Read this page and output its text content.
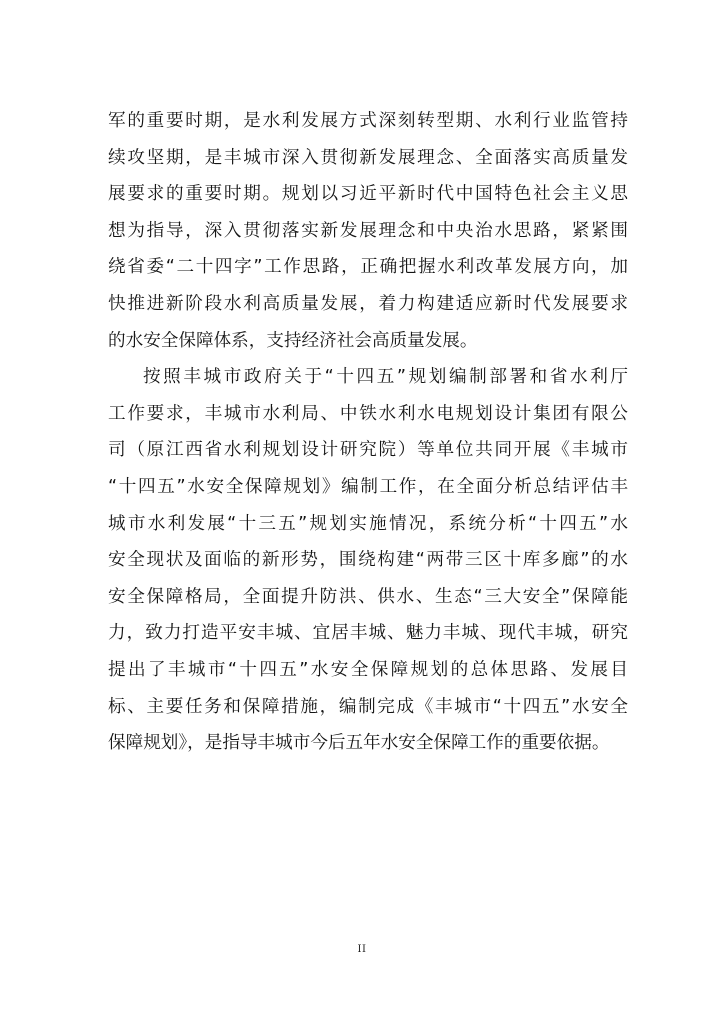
军的重要时期，是水利发展方式深刻转型期、水利行业监管持
续攻坚期，是丰城市深入贯彻新发展理念、全面落实高质量发
展要求的重要时期。规划以习近平新时代中国特色社会主义思
想为指导，深入贯彻落实新发展理念和中央治水思路，紧紧围
绕省委“二十四字”工作思路，正确把握水利改革发展方向，加
快推进新阶段水利高质量发展，着力构建适应新时代发展要求
的水安全保障体系，支持经济社会高质量发展。
按照丰城市政府关于“十四五”规划编制部署和省水利厅
工作要求，丰城市水利局、中铁水利水电规划设计集团有限公
司（原江西省水利规划设计研究院）等单位共同开展《丰城市
“十四五”水安全保障规划》编制工作，在全面分析总结评估丰
城市水利发展“十三五”规划实施情况，系统分析“十四五”水
安全现状及面临的新形势，围绕构建“两带三区十库多廊”的水
安全保障格局，全面提升防洪、供水、生态“三大安全”保障能
力，致力打造平安丰城、宜居丰城、魅力丰城、现代丰城，研究
提出了丰城市“十四五”水安全保障规划的总体思路、发展目
标、主要任务和保障措施，编制完成《丰城市“十四五”水安全
保障规划》，是指导丰城市今后五年水安全保障工作的重要依据。
II
